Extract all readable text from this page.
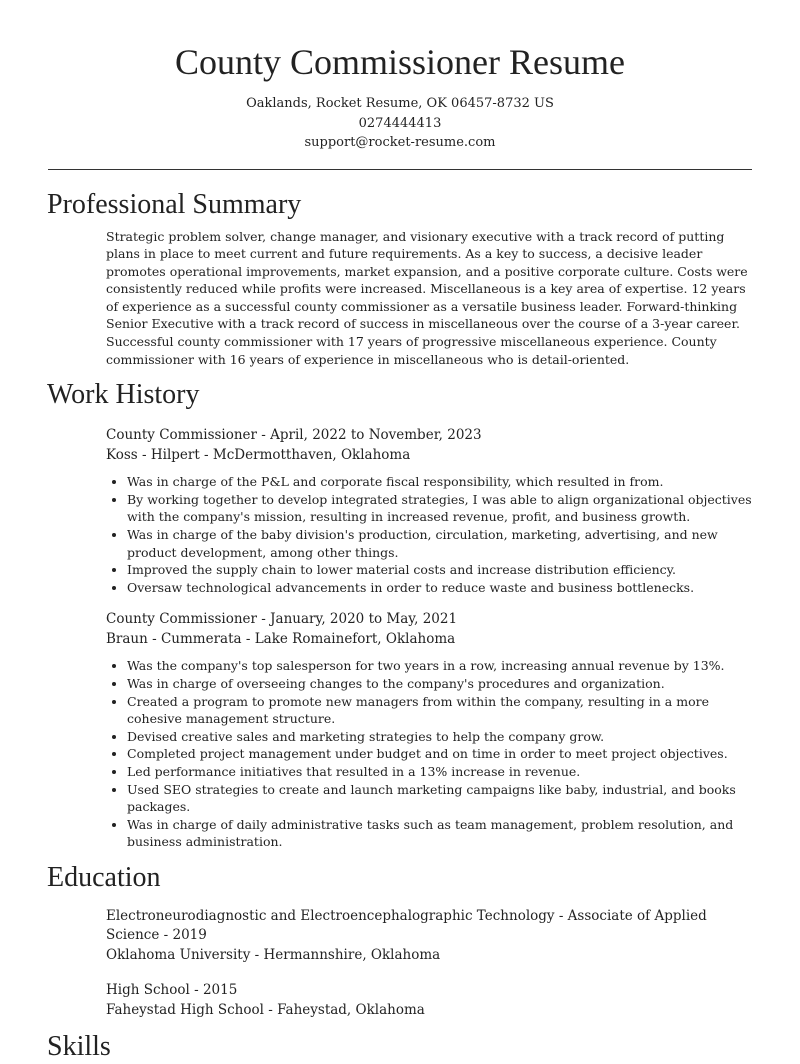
County Commissioner Resume
Oaklands, Rocket Resume, OK 06457-8732 US
0274444413
support@rocket-resume.com
Professional Summary

Strategic problem solver, change manager, and visionary executive with a track record of putting plans in place to meet current and future requirements. As a key to success, a decisive leader promotes operational improvements, market expansion, and a positive corporate culture. Costs were consistently reduced while profits were increased. Miscellaneous is a key area of expertise. 12 years of experience as a successful county commissioner as a versatile business leader. Forward-thinking Senior Executive with a track record of success in miscellaneous over the course of a 3-year career. Successful county commissioner with 17 years of progressive miscellaneous experience. County commissioner with 16 years of experience in miscellaneous who is detail-oriented.

Work History
County Commissioner - April, 2022 to November, 2023
Koss - Hilpert - McDermotthaven, Oklahoma
• Was in charge of the P&L and corporate fiscal responsibility, which resulted in from.
• By working together to develop integrated strategies, I was able to align organizational objectives with the company's mission, resulting in increased revenue, profit, and business growth.
• Was in charge of the baby division's production, circulation, marketing, advertising, and new product development, among other things.
• Improved the supply chain to lower material costs and increase distribution efficiency.
• Oversaw technological advancements in order to reduce waste and business bottlenecks.
County Commissioner - January, 2020 to May, 2021
Braun - Cummerata - Lake Romainefort, Oklahoma
• Was the company's top salesperson for two years in a row, increasing annual revenue by 13%.
• Was in charge of overseeing changes to the company's procedures and organization.
• Created a program to promote new managers from within the company, resulting in a more cohesive management structure.
• Devised creative sales and marketing strategies to help the company grow.
• Completed project management under budget and on time in order to meet project objectives.
• Led performance initiatives that resulted in a 13% increase in revenue.
• Used SEO strategies to create and launch marketing campaigns like baby, industrial, and books packages.
• Was in charge of daily administrative tasks such as team management, problem resolution, and business administration.
Education
Electroneurodiagnostic and Electroencephalographic Technology - Associate of Applied Science - 2019
Oklahoma University - Hermannshire, Oklahoma
High School - 2015
Faheystad High School - Faheystad, Oklahoma
Skills
